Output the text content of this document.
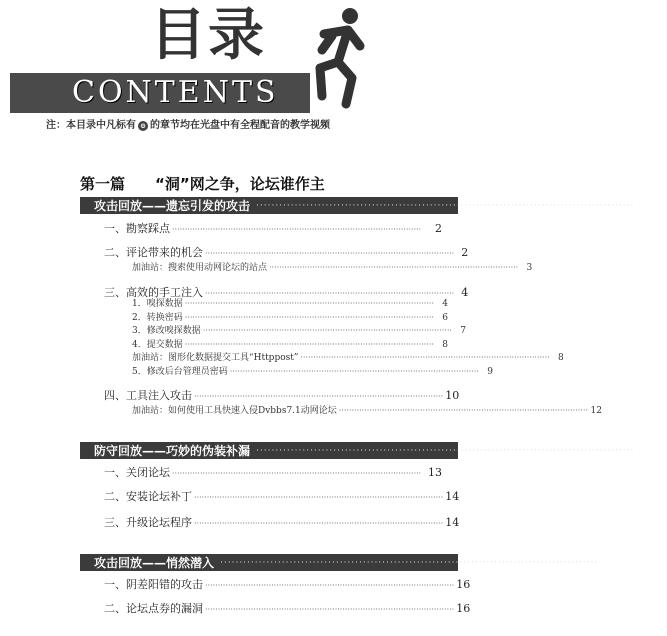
目录
CONTENTS
注：本目录中凡标有 ⊙ 的章节均在光盘中有全程配音的教学视频
第一篇 “洞”网之争，论坛谁作主
攻击回放——遗忘引发的攻击 ·································································································· 1
一、勘察踩点 ··································································································	2
二、评论带来的机会 ·································································································· 2
加油站：搜索使用动网论坛的站点 ·································································································· 3
三、高效的手工注入 ·································································································· 4
1．嗅探数据 ·································································································· 4
2．转换密码 ·································································································· 6
3．修改嗅探数据 ·································································································· 7
4．提交数据 ·································································································· 8
加油站：图形化数据提交工具“Httppost” ·································································································· 8
5．修改后台管理员密码 ·································································································· 9
四、工具注入攻击 ·································································································· 10
加油站：如何使用工具快速入侵Dvbbs7.1动网论坛 ·································································································· 12
防守回放——巧妙的伪装补漏 ·································································································· 13
一、关闭论坛 ·································································································· 13
二、安装论坛补丁 ·································································································· 14
三、升级论坛程序 ·································································································· 14
攻击回放——悄然潜入 ·································································································· 15
一、阴差阳错的攻击 ·································································································· 16
二、论坛点券的漏洞 ·································································································· 16
